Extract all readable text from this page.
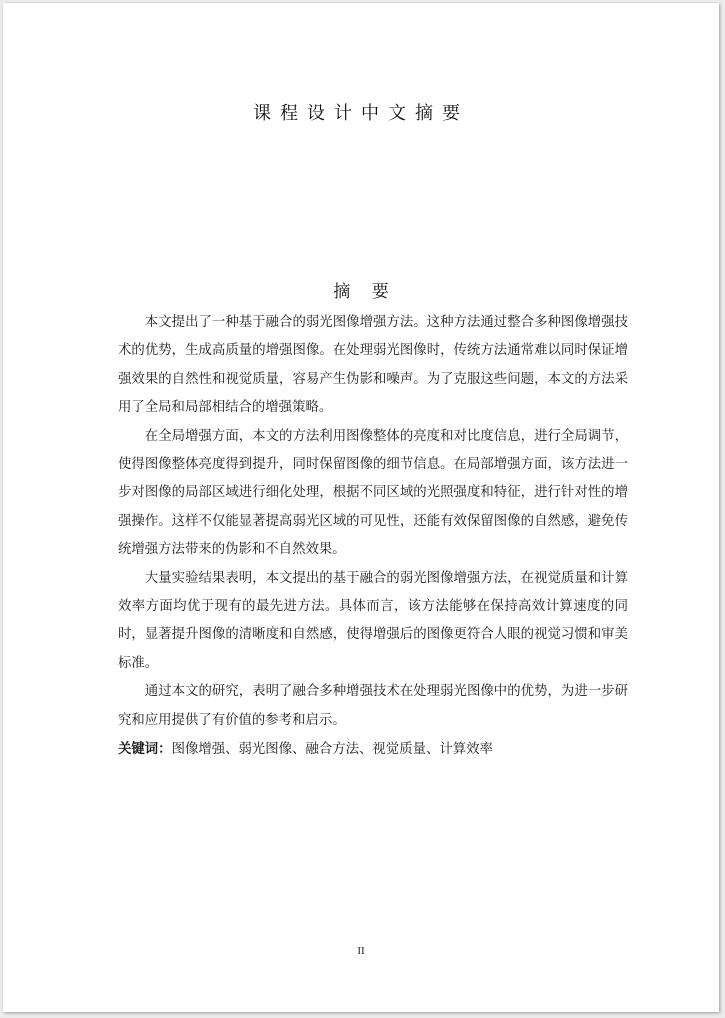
课程设计中文摘要
摘 要

本文提出了一种基于融合的弱光图像增强方法。这种方法通过整合多种图像增强技术的优势，生成高质量的增强图像。在处理弱光图像时，传统方法通常难以同时保证增强效果的自然性和视觉质量，容易产生伪影和噪声。为了克服这些问题，本文的方法采用了全局和局部相结合的增强策略。

在全局增强方面，本文的方法利用图像整体的亮度和对比度信息，进行全局调节，使得图像整体亮度得到提升，同时保留图像的细节信息。在局部增强方面，该方法进一步对图像的局部区域进行细化处理，根据不同区域的光照强度和特征，进行针对性的增强操作。这样不仅能显著提高弱光区域的可见性，还能有效保留图像的自然感，避免传统增强方法带来的伪影和不自然效果。

大量实验结果表明，本文提出的基于融合的弱光图像增强方法，在视觉质量和计算效率方面均优于现有的最先进方法。具体而言，该方法能够在保持高效计算速度的同时，显著提升图像的清晰度和自然感，使得增强后的图像更符合人眼的视觉习惯和审美标准。

通过本文的研究，表明了融合多种增强技术在处理弱光图像中的优势，为进一步研究和应用提供了有价值的参考和启示。

关键词：图像增强、弱光图像、融合方法、视觉质量、计算效率

II
